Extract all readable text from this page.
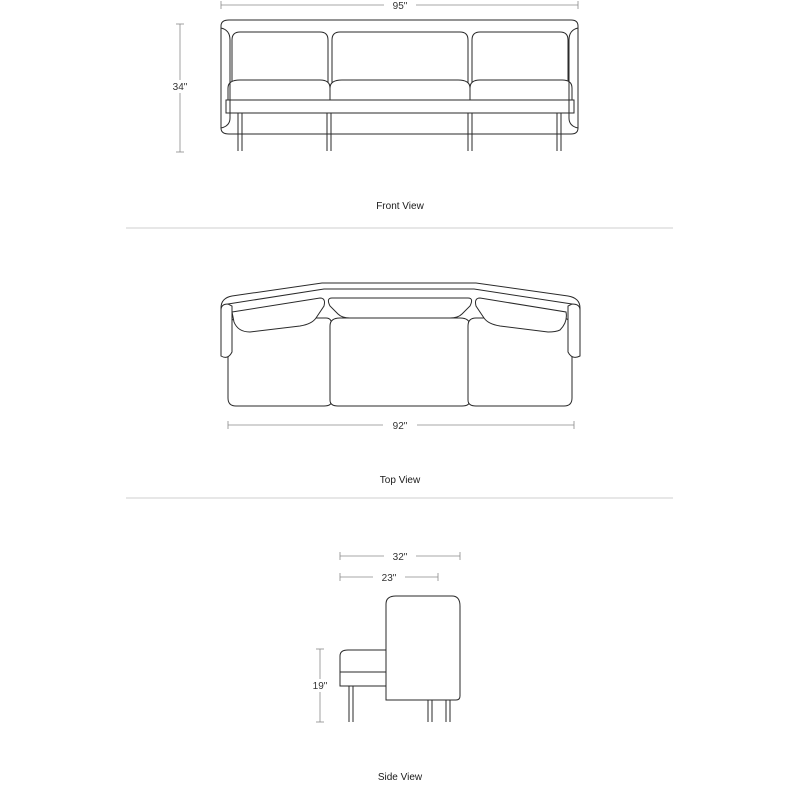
95"
34"
Front View
92"
Top View
32"
23"
19"
Side View
